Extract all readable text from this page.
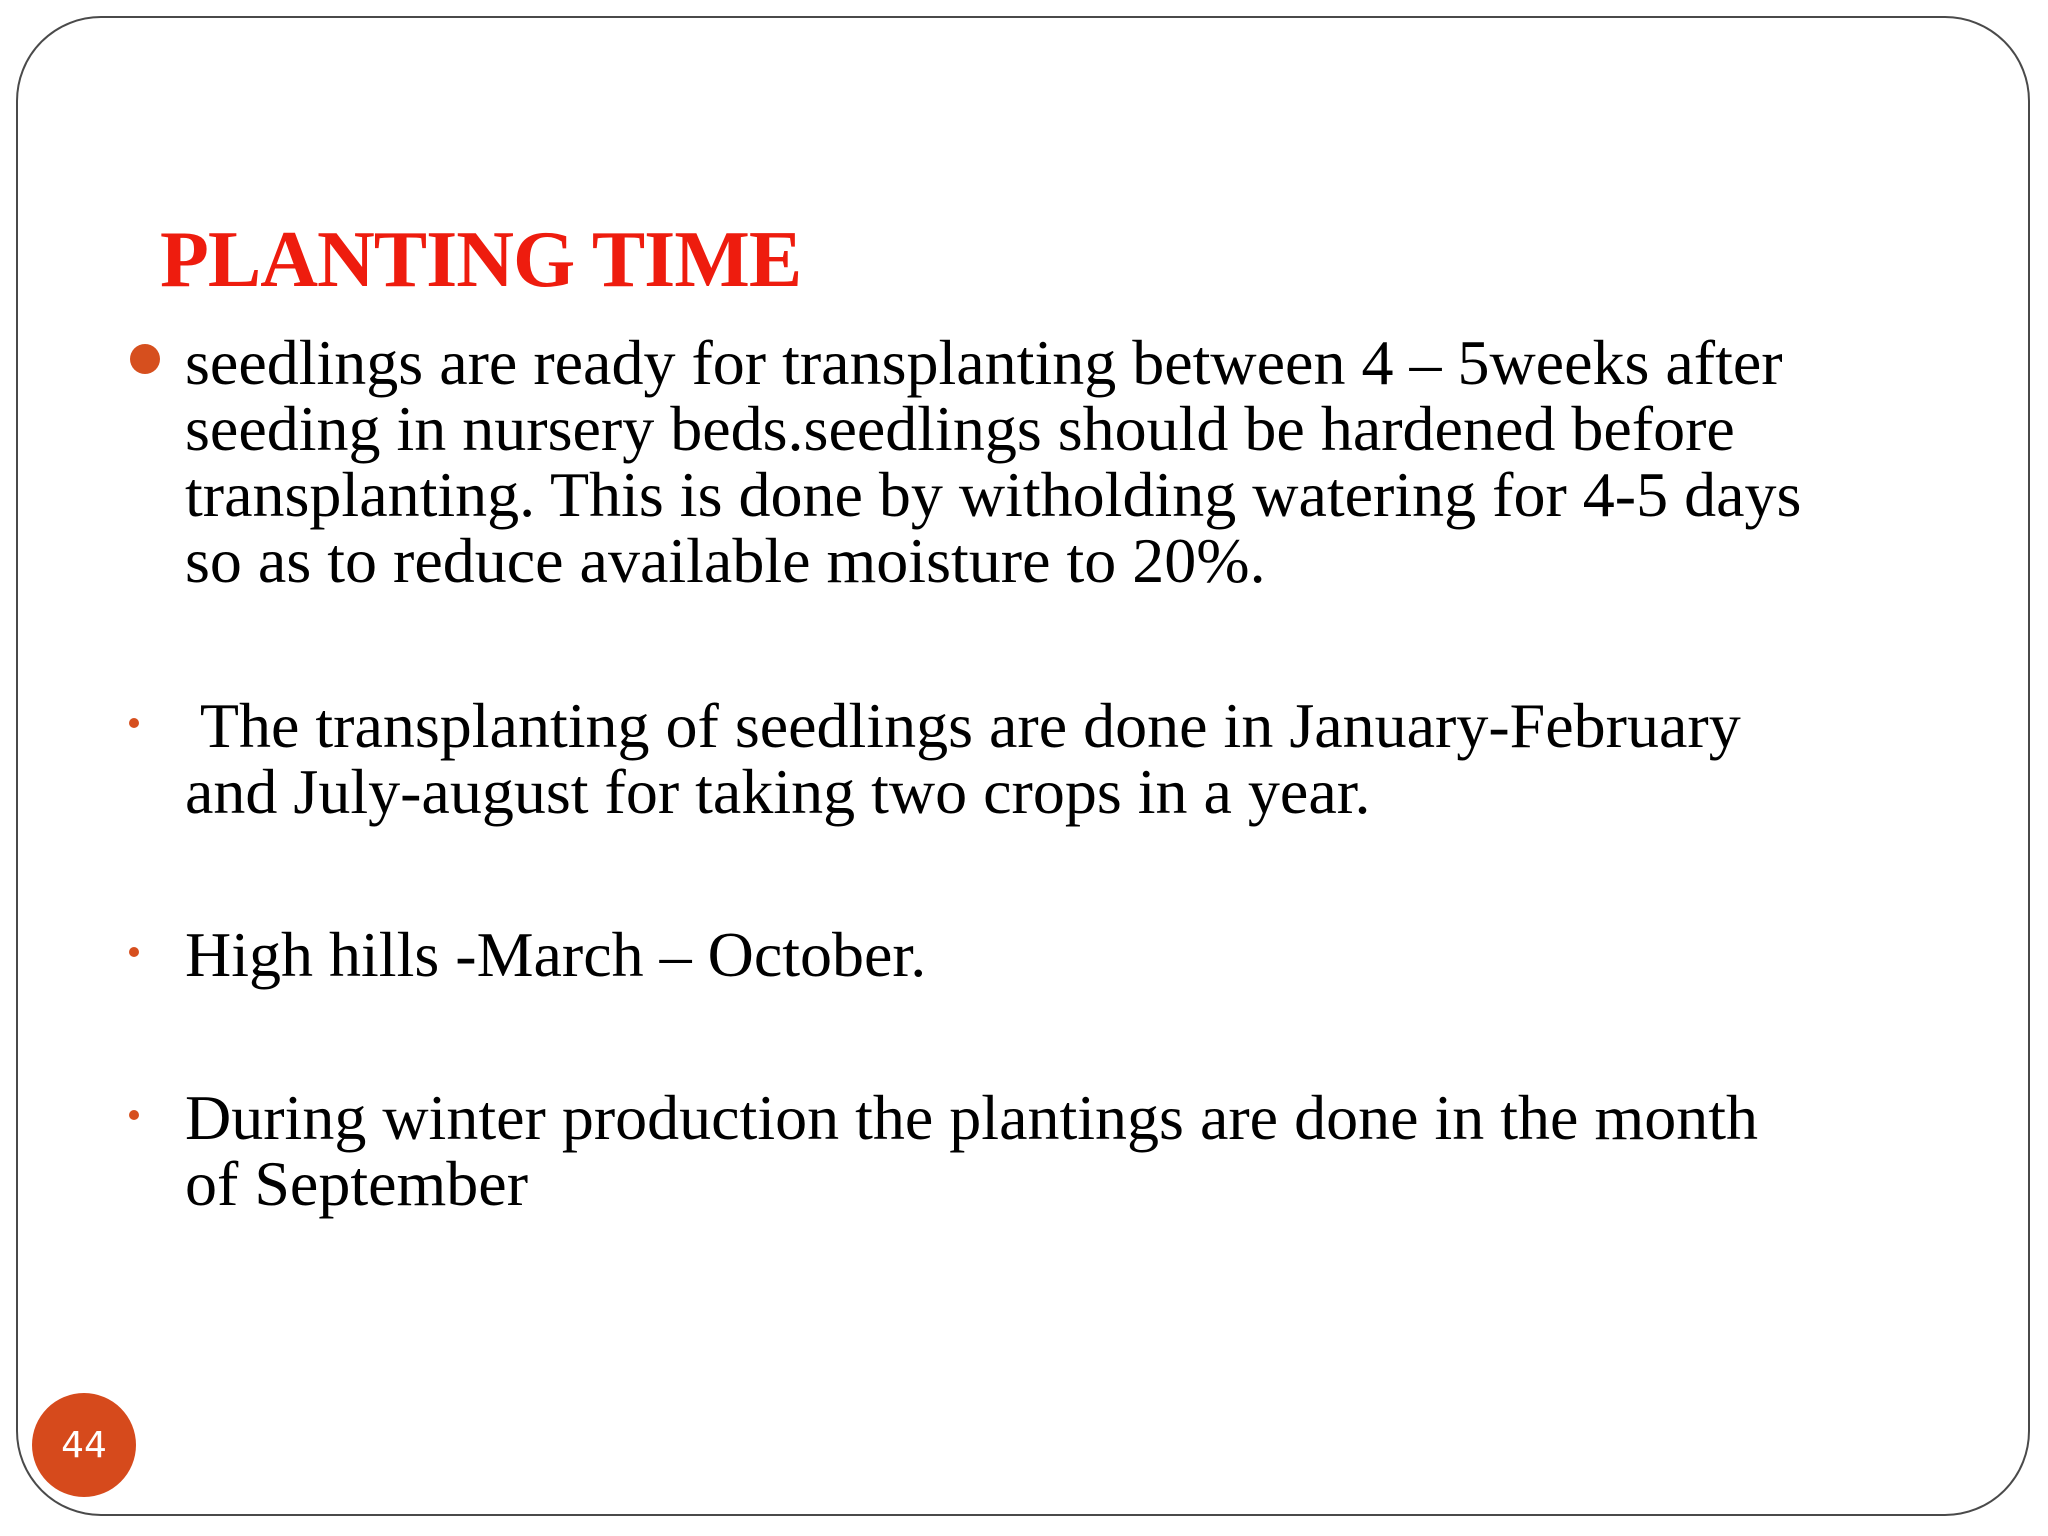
PLANTING TIME
seedlings are ready for transplanting between 4 – 5weeks after
seeding in nursery beds.seedlings should be hardened before
transplanting. This is done by witholding watering for 4-5 days
so as to reduce available moisture to 20%.
The transplanting of seedlings are done in January-February
and July-august for taking two crops in a year.
High hills -March – October.
During winter production the plantings are done in the month
of September
44
